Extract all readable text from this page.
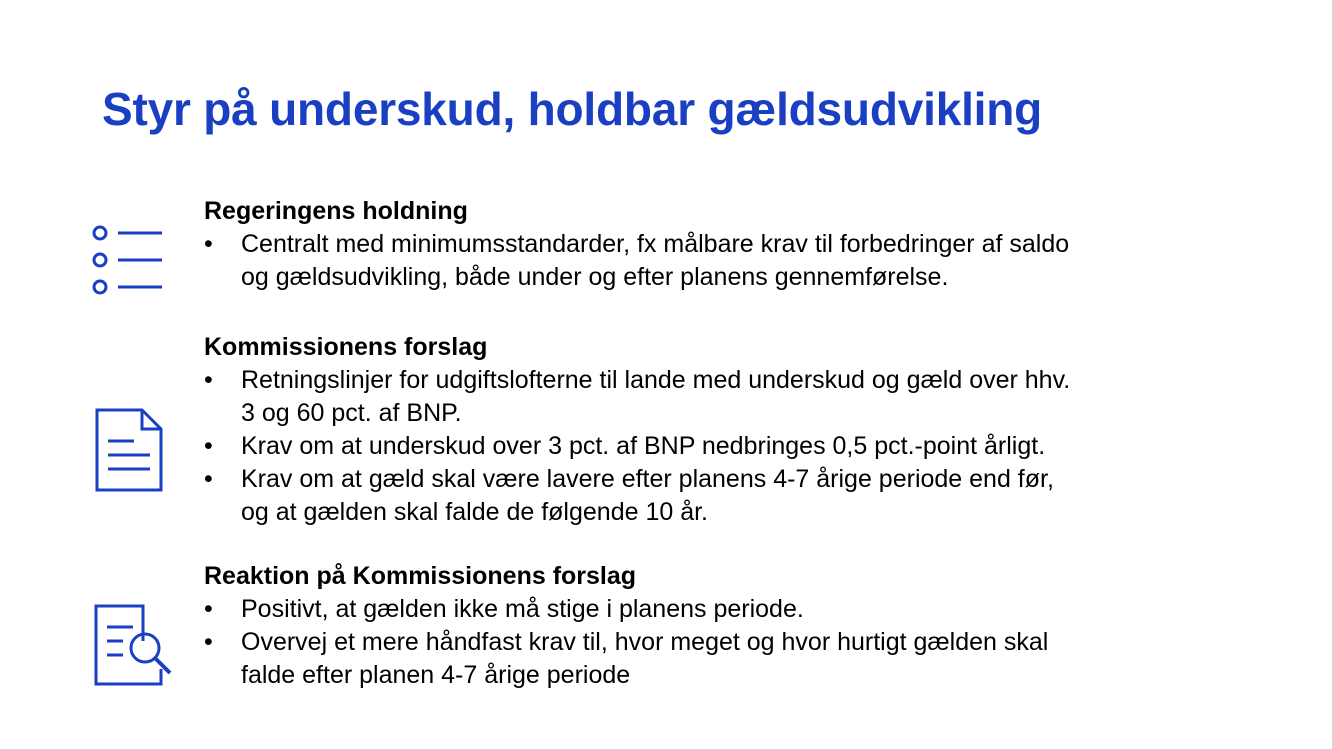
Styr på underskud, holdbar gældsudvikling
Regeringens holdning
• Centralt med minimumsstandarder, fx målbare krav til forbedringer af saldo
og gældsudvikling, både under og efter planens gennemførelse.
Kommissionens forslag
• Retningslinjer for udgiftslofterne til lande med underskud og gæld over hhv.
3 og 60 pct. af BNP.
• Krav om at underskud over 3 pct. af BNP nedbringes 0,5 pct.-point årligt.
• Krav om at gæld skal være lavere efter planens 4-7 årige periode end før,
og at gælden skal falde de følgende 10 år.
Reaktion på Kommissionens forslag
• Positivt, at gælden ikke må stige i planens periode.
• Overvej et mere håndfast krav til, hvor meget og hvor hurtigt gælden skal
falde efter planen 4-7 årige periode
